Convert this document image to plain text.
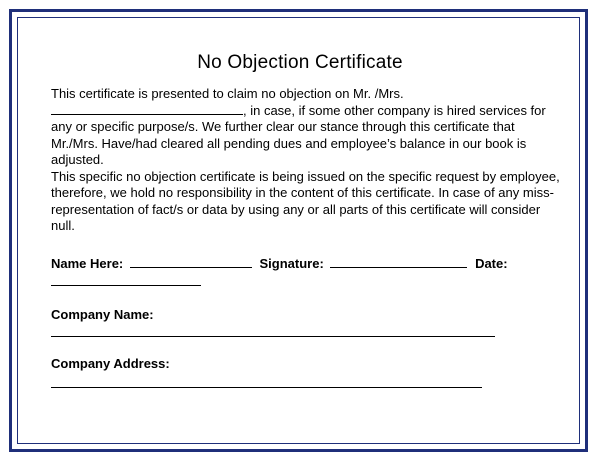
No Objection Certificate

This certificate is presented to claim no objection on Mr. /Mrs.
, in case, if some other company is hired services for any or specific purpose/s. We further clear our stance through this certificate that Mr./Mrs. Have/had cleared all pending dues and employee’s balance in our book is adjusted.

This specific no objection certificate is being issued on the specific request by employee, therefore, we hold no responsibility in the content of this certificate. In case of any miss-representation of fact/s or data by using any or all parts of this certificate will consider null.

Name Here:	Signature:	Date:
Company Name:
Company Address:
